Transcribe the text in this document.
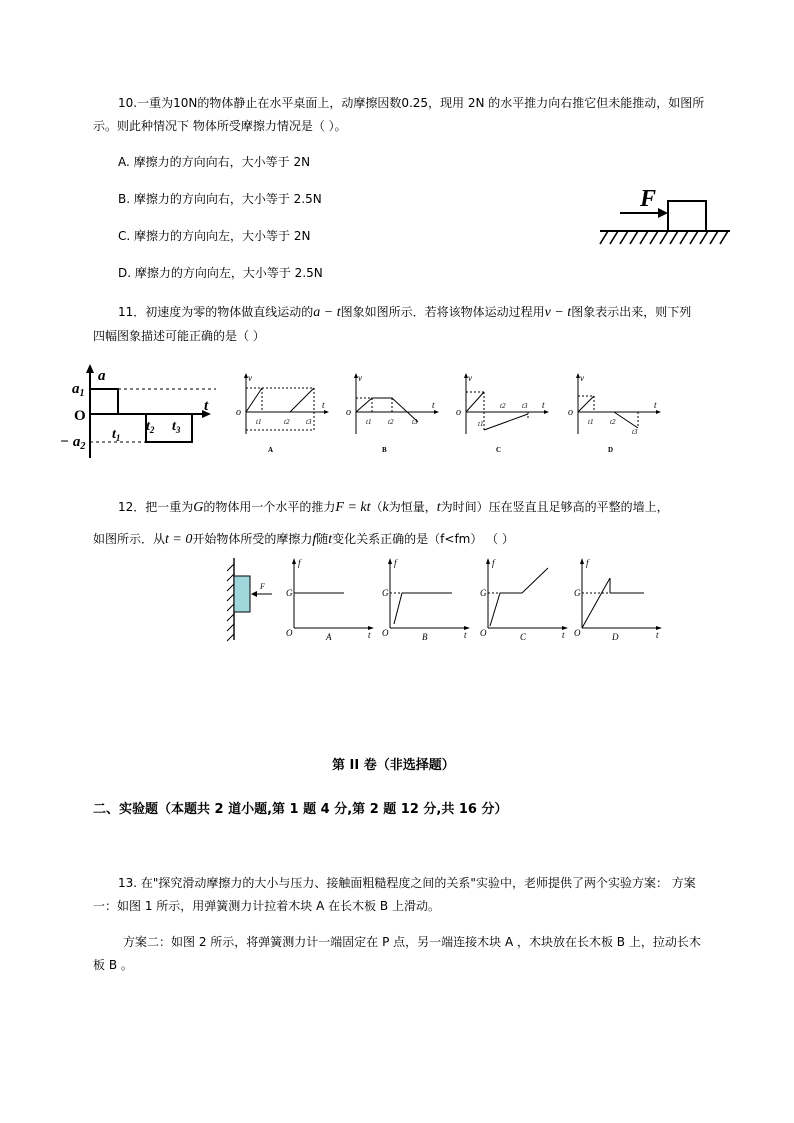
10.一重为10N的物体静止在水平桌面上，动摩擦因数0.25，现用 2N 的水平推力向右推它但未能推动，如图所
示。则此种情况下 物体所受摩擦力情况是（ ）。
A. 摩擦力的方向向右，大小等于 2N
B. 摩擦力的方向向右，大小等于 2.5N
C. 摩擦力的方向向左，大小等于 2N
D. 摩擦力的方向向左，大小等于 2.5N
F
11．初速度为零的物体做直线运动的a − t图象如图所示．若将该物体运动过程用v − t图象表示出来，则下列
四幅图象描述可能正确的是（ ）
a
t
O
$a_1$
− $a_2$
$t_1$
$t_2$ $t_3$
v
t
o
t1	t2 t3
A
v
t
o
t1 t2	t3
B
v
t
o
t1
t2 t3
C
v
t
o
t1 t2
t3
D
12．把一重为G的物体用一个水平的推力F = kt（k为恒量，t为时间）压在竖直且足够高的平整的墙上，
如图所示．从t = 0开始物体所受的摩擦力f随t变化关系正确的是（f<fm） （ ）
F
f
t
O
G
A
f
t
O
G
B
f
t
O
G
C
f
t
O
G
D
第 II 卷（非选择题）
二、实验题（本题共 2 道小题,第 1 题 4 分,第 2 题 12 分,共 16 分）
13. 在"探究滑动摩擦力的大小与压力、接触面粗糙程度之间的关系"实验中，老师提供了两个实验方案： 方案
一：如图 1 所示，用弹簧测力计拉着木块 A 在长木板 B 上滑动。
方案二：如图 2 所示，将弹簧测力计一端固定在 P 点，另一端连接木块 A ，木块放在长木板 B 上，拉动长木
板 B 。
